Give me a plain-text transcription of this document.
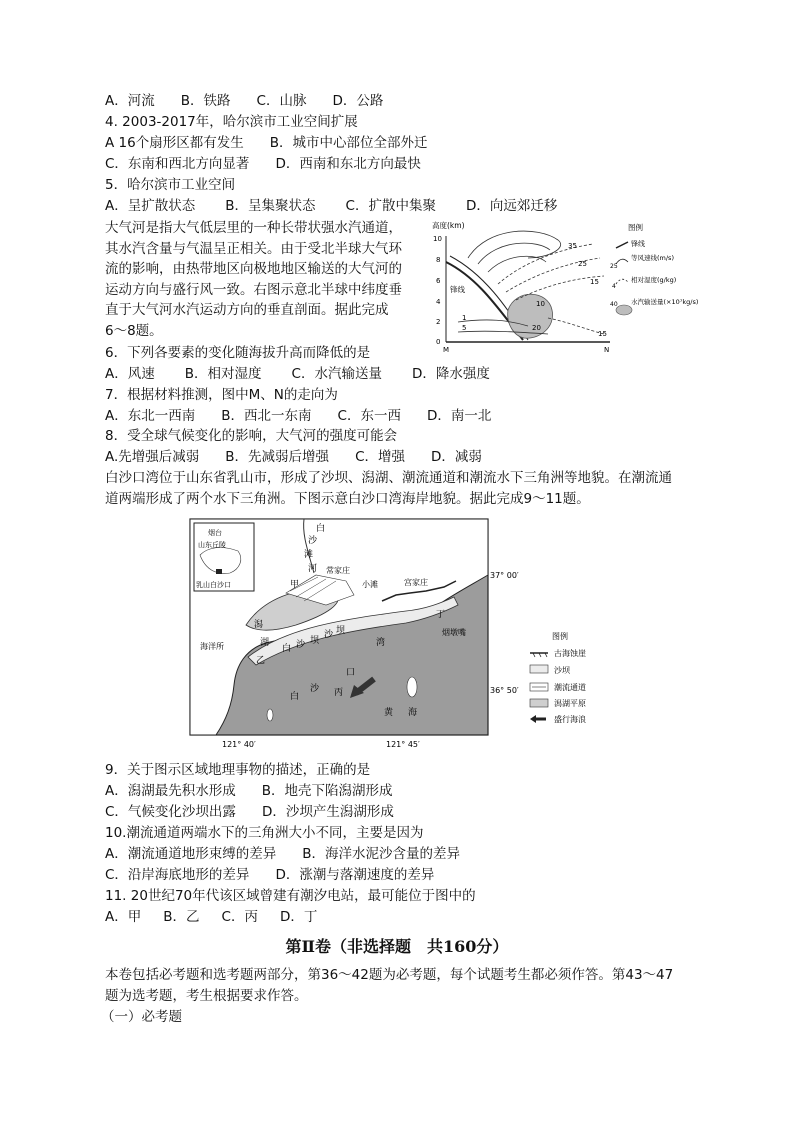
A．河流 B．铁路 C．山脉 D．公路
4. 2003-2017年，哈尔滨市工业空间扩展
A 16个扇形区都有发生 B．城市中心部位全部外迁
C．东南和西北方向显著 D．西南和东北方向最快
5．哈尔滨市工业空间
A．呈扩散状态 B．呈集聚状态 C．扩散中集聚 D．向远郊迁移
大气河是指大气低层里的一种长带状强水汽通道，
其水汽含量与气温呈正相关。由于受北半球大气环
流的影响，由热带地区向极地地区输送的大气河的
运动方向与盛行风一致。右图示意北半球中纬度垂
直于大气河水汽运动方向的垂直剖面。据此完成
6～8题。
高度(km)
0
2
4
6
8
10
M	N
锋线
35
25
15
10
20
1
5
15
图例
锋线
25
等风速线(m/s)
4
相对湿度(g/kg)
40 水汽输送量(×10⁷kg/s)
6．下列各要素的变化随海拔升高而降低的是
A．风速 B．相对湿度 C．水汽输送量 D．降水强度
7．根据材料推测，图中M、N的走向为
A．东北一西南 B．西北一东南 C．东一西 D．南一北
8．受全球气候变化的影响，大气河的强度可能会
A.先增强后减弱 B．先减弱后增强 C．增强 D．减弱
白沙口湾位于山东省乳山市，形成了沙坝、潟湖、潮流通道和潮流水下三角洲等地貌。在潮流通
道两端形成了两个水下三角洲。下图示意白沙口湾海岸地貌。据此完成9～11题。
烟台
山东丘陵
乳山白沙口
白
沙
滩
河
甲
常家庄
小滩	宫家庄
丁
烟墩嘴
潟
湖
海洋所
乙
白 沙 坝
沙 坝
湾
口
白
沙 丙
黄 海
37° 00′
36° 50′
121° 40′	121° 45′
图例
古海蚀崖
沙坝
潮流通道
潟湖平原
盛行海浪
9．关于图示区域地理事物的描述，正确的是
A．潟湖最先积水形成 B．地壳下陷潟湖形成
C．气候变化沙坝出露 D．沙坝产生潟湖形成
10.潮流通道两端水下的三角洲大小不同，主要是因为
A．潮流通道地形束缚的差异 B．海洋水泥沙含量的差异
C．沿岸海底地形的差异 D．涨潮与落潮速度的差异
11. 20世纪70年代该区域曾建有潮汐电站，最可能位于图中的
A．甲 B．乙 C．丙 D．丁
第Ⅱ卷（非选择题　共160分）
本卷包括必考题和选考题两部分，第36～42题为必考题，每个试题考生都必须作答。第43～47
题为选考题，考生根据要求作答。
（一）必考题
